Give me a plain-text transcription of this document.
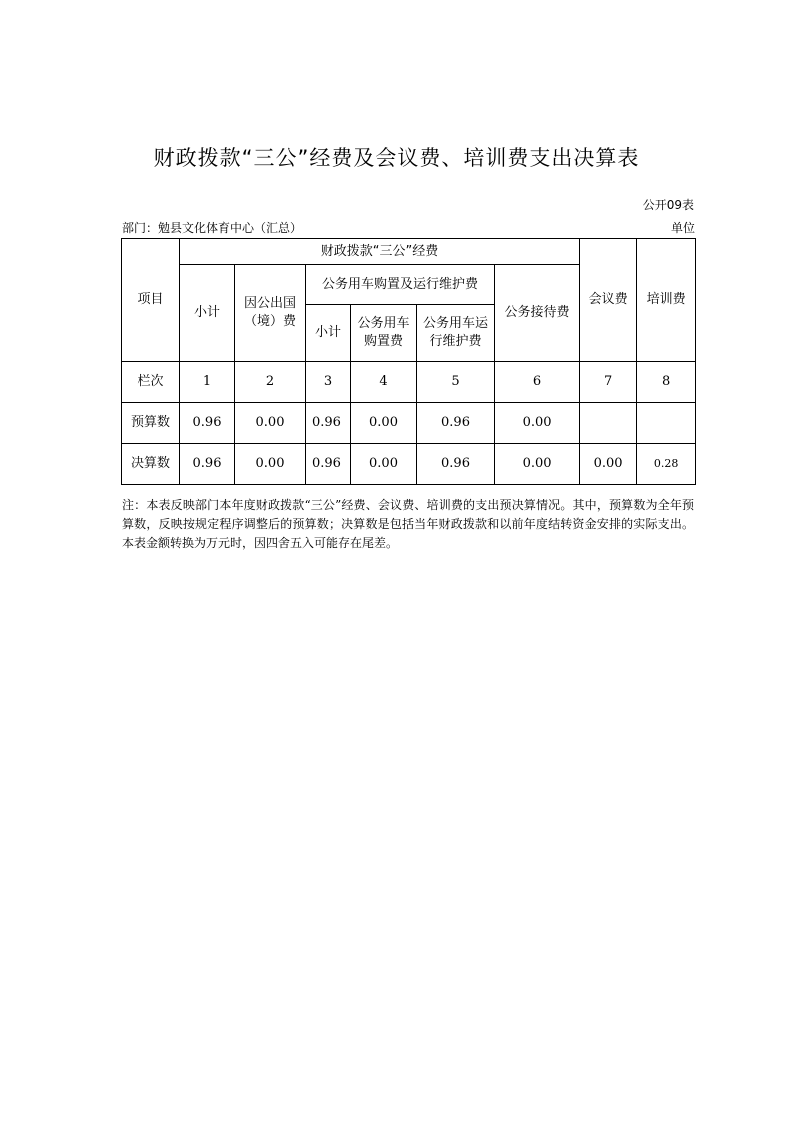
财政拨款“三公”经费及会议费、培训费支出决算表
公开09表
部门：勉县文化体育中心（汇总）	单位
项目	财政拨款“三公”经费						会议费	培训费
	小计	因公出国（境）费	公务用车购置及运行维护费			公务接待费		
			小计	公务用车购置费	公务用车运行维护费			

栏次	1	2	3	4	5	6	7	8
预算数	0.96	0.00	0.96	0.00	0.96	0.00		
决算数	0.96	0.00	0.96	0.00	0.96	0.00	0.00	0.28
注：本表反映部门本年度财政拨款“三公”经费、会议费、培训费的支出预决算情况。其中，预算数为全年预算数，反映按规定程序调整后的预算数；决算数是包括当年财政拨款和以前年度结转资金安排的实际支出。本表金额转换为万元时，因四舍五入可能存在尾差。
